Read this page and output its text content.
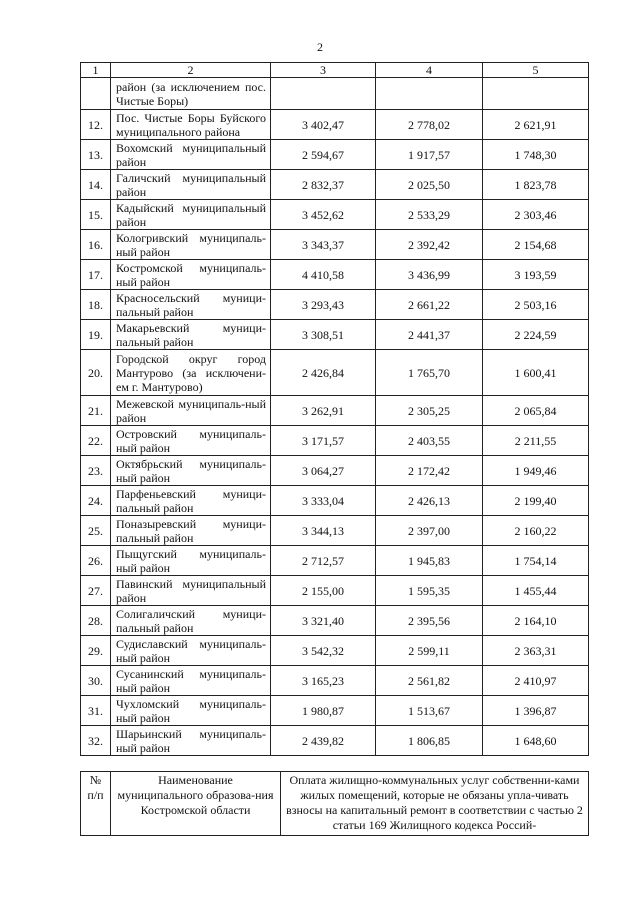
2
1	2	3	4	5
	район (за исключением пос. Чистые Боры)			
12.	Пос. Чистые Боры Буйского муниципального района	3 402,47	2 778,02	2 621,91
13.	Вохомский муниципальный район	2 594,67	1 917,57	1 748,30
14.	Галичский муниципальный район	2 832,37	2 025,50	1 823,78
15.	Кадыйский муниципальный район	3 452,62	2 533,29	2 303,46
16.	Кологривский муниципаль-ный район	3 343,37	2 392,42	2 154,68
17.	Костромской муниципаль-ный район	4 410,58	3 436,99	3 193,59
18.	Красносельский муници-пальный район	3 293,43	2 661,22	2 503,16
19.	Макарьевский муници-пальный район	3 308,51	2 441,37	2 224,59
20.	Городской округ город Мантурово (за исключени-ем г. Мантурово)	2 426,84	1 765,70	1 600,41
21.	Межевской муниципаль-ный район	3 262,91	2 305,25	2 065,84
22.	Островский муниципаль-ный район	3 171,57	2 403,55	2 211,55
23.	Октябрьский муниципаль-ный район	3 064,27	2 172,42	1 949,46
24.	Парфеньевский муници-пальный район	3 333,04	2 426,13	2 199,40
25.	Поназыревский муници-пальный район	3 344,13	2 397,00	2 160,22
26.	Пыщугский муниципаль-ный район	2 712,57	1 945,83	1 754,14
27.	Павинский муниципальный район	2 155,00	1 595,35	1 455,44
28.	Солигаличский муници-пальный район	3 321,40	2 395,56	2 164,10
29.	Судиславский муниципаль-ный район	3 542,32	2 599,11	2 363,31
30.	Сусанинский муниципаль-ный район	3 165,23	2 561,82	2 410,97
31.	Чухломский муниципаль-ный район	1 980,87	1 513,67	1 396,87
32.	Шарьинский муниципаль-ный район	2 439,82	1 806,85	1 648,60
№ п/п	Наименование муниципального образова-ния Костромской области	Оплата жилищно-коммунальных услуг собственни-ками жилых помещений, которые не обязаны упла-чивать взносы на капитальный ремонт в соответствии с частью 2 статьи 169 Жилищного кодекса Россий-
